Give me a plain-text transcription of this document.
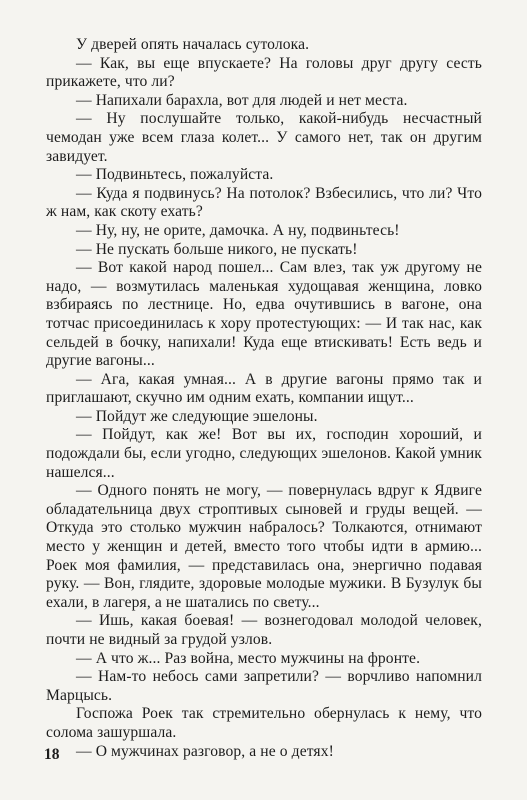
У дверей опять началась сутолока.

— Как, вы еще впускаете? На головы друг другу сесть прикажете, что ли?

— Напихали барахла, вот для людей и нет места.

— Ну послушайте только, какой-нибудь несчастный чемодан уже всем глаза колет... У самого нет, так он другим завидует.

— Подвиньтесь, пожалуйста.

— Куда я подвинусь? На потолок? Взбесились, что ли? Что ж нам, как скоту ехать?

— Ну, ну, не орите, дамочка. А ну, подвиньтесь!

— Не пускать больше никого, не пускать!

— Вот какой народ пошел... Сам влез, так уж другому не надо, — возмутилась маленькая худощавая женщина, ловко взбираясь по лестнице. Но, едва очутившись в вагоне, она тотчас присоединилась к хору протестующих: — И так нас, как сельдей в бочку, напихали! Куда еще втискивать! Есть ведь и другие вагоны...

— Ага, какая умная... А в другие вагоны прямо так и приглашают, скучно им одним ехать, компании ищут...

— Пойдут же следующие эшелоны.

— Пойдут, как же! Вот вы их, господин хороший, и подождали бы, если угодно, следующих эшелонов. Какой умник нашелся...

— Одного понять не могу, — повернулась вдруг к Ядвиге обладательница двух строптивых сыновей и груды вещей. — Откуда это столько мужчин набралось? Толкаются, отнимают место у женщин и детей, вместо того чтобы идти в армию... Роек моя фамилия, — представилась она, энергично подавая руку. — Вон, глядите, здоровые молодые мужики. В Бузулук бы ехали, в лагеря, а не шатались по свету...

— Ишь, какая боевая! — вознегодовал молодой человек, почти не видный за грудой узлов.

— А что ж... Раз война, место мужчины на фронте.

— Нам-то небось сами запретили? — ворчливо напомнил Марцысь.

Госпожа Роек так стремительно обернулась к нему, что солома зашуршала.

— О мужчинах разговор, а не о детях!

18
